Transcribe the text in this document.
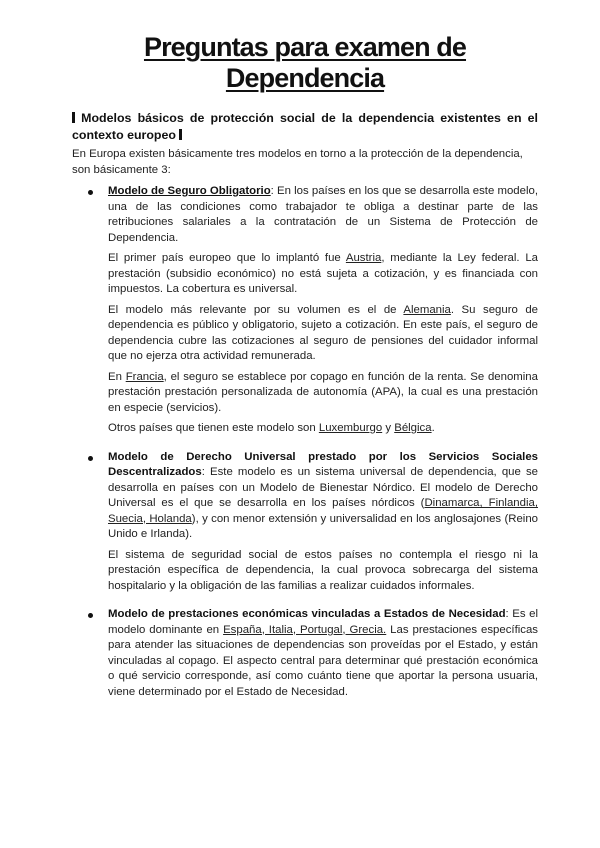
Preguntas para examen de Dependencia
Modelos básicos de protección social de la dependencia existentes en el contexto europeo

En Europa existen básicamente tres modelos en torno a la protección de la dependencia, son básicamente 3:

Modelo de Seguro Obligatorio: En los países en los que se desarrolla este modelo, una de las condiciones como trabajador te obliga a destinar parte de las retribuciones salariales a la contratación de un Sistema de Protección de Dependencia.

El primer país europeo que lo implantó fue Austria, mediante la Ley federal. La prestación (subsidio económico) no está sujeta a cotización, y es financiada con impuestos. La cobertura es universal.

El modelo más relevante por su volumen es el de Alemania. Su seguro de dependencia es público y obligatorio, sujeto a cotización. En este país, el seguro de dependencia cubre las cotizaciones al seguro de pensiones del cuidador informal que no ejerza otra actividad remunerada.

En Francia, el seguro se establece por copago en función de la renta. Se denomina prestación prestación personalizada de autonomía (APA), la cual es una prestación en especie (servicios).

Otros países que tienen este modelo son Luxemburgo y Bélgica.

Modelo de Derecho Universal prestado por los Servicios Sociales Descentralizados: Este modelo es un sistema universal de dependencia, que se desarrolla en países con un Modelo de Bienestar Nórdico. El modelo de Derecho Universal es el que se desarrolla en los países nórdicos (Dinamarca, Finlandia, Suecia, Holanda), y con menor extensión y universalidad en los anglosajones (Reino Unido e Irlanda).

El sistema de seguridad social de estos países no contempla el riesgo ni la prestación específica de dependencia, la cual provoca sobrecarga del sistema hospitalario y la obligación de las familias a realizar cuidados informales.

Modelo de prestaciones económicas vinculadas a Estados de Necesidad: Es el modelo dominante en España, Italia, Portugal, Grecia. Las prestaciones específicas para atender las situaciones de dependencias son proveídas por el Estado, y están vinculadas al copago. El aspecto central para determinar qué prestación económica o qué servicio corresponde, así como cuánto tiene que aportar la persona usuaria, viene determinado por el Estado de Necesidad.
